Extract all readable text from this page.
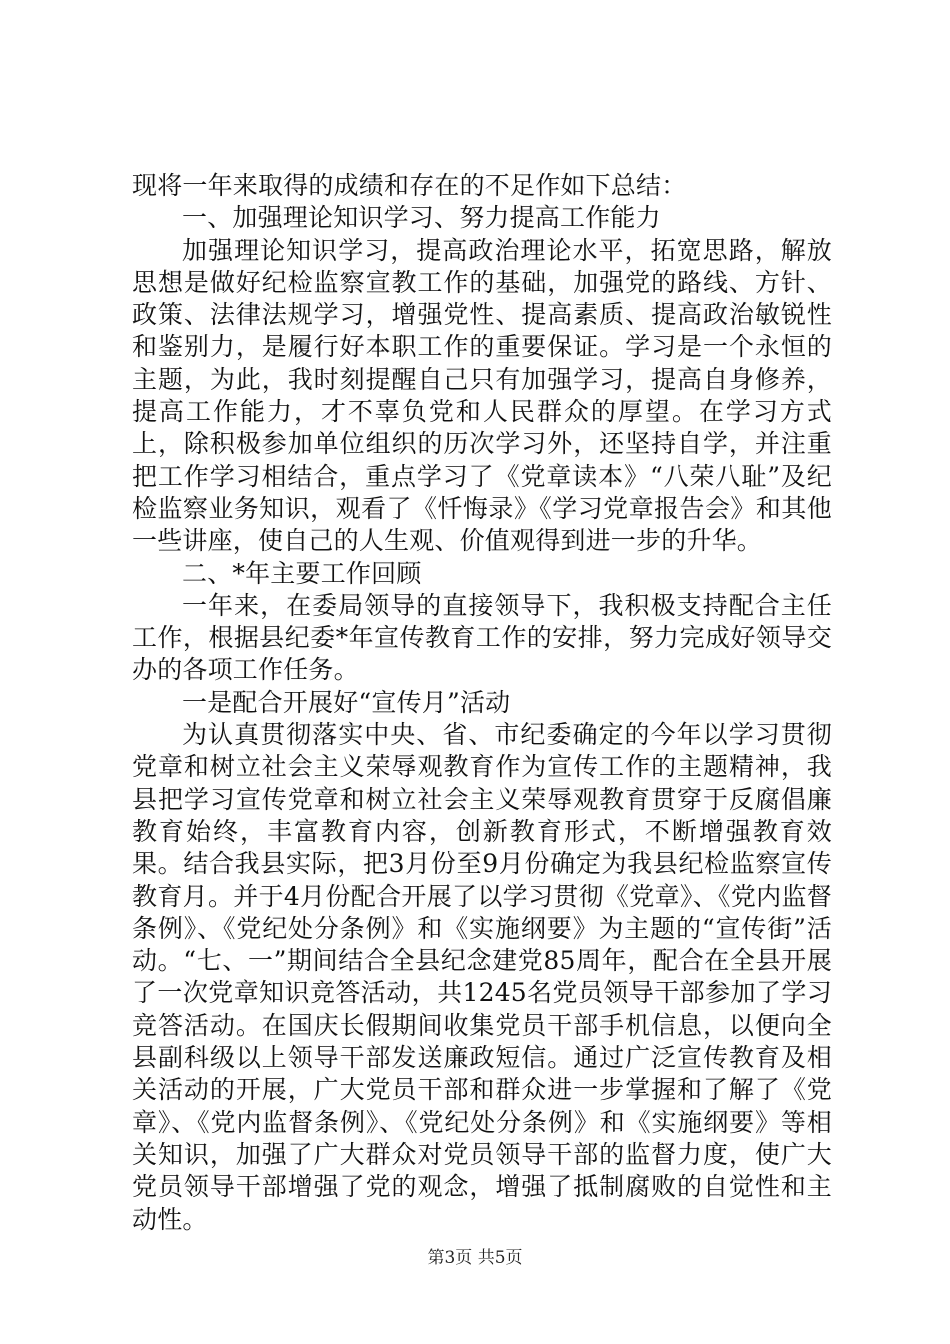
现将一年来取得的成绩和存在的不足作如下总结：

一、加强理论知识学习、努力提高工作能力

加强理论知识学习，提高政治理论水平，拓宽思路，解放思想是做好纪检监察宣教工作的基础，加强党的路线、方针、政策、法律法规学习，增强党性、提高素质、提高政治敏锐性和鉴别力，是履行好本职工作的重要保证。学习是一个永恒的主题，为此，我时刻提醒自己只有加强学习，提高自身修养，提高工作能力，才不辜负党和人民群众的厚望。在学习方式上，除积极参加单位组织的历次学习外，还坚持自学，并注重把工作学习相结合，重点学习了《党章读本》“八荣八耻”及纪检监察业务知识，观看了《忏悔录》《学习党章报告会》和其他一些讲座，使自己的人生观、价值观得到进一步的升华。

二、*年主要工作回顾

一年来，在委局领导的直接领导下，我积极支持配合主任工作，根据县纪委*年宣传教育工作的安排，努力完成好领导交办的各项工作任务。

一是配合开展好“宣传月”活动

为认真贯彻落实中央、省、市纪委确定的今年以学习贯彻党章和树立社会主义荣辱观教育作为宣传工作的主题精神，我县把学习宣传党章和树立社会主义荣辱观教育贯穿于反腐倡廉教育始终，丰富教育内容，创新教育形式，不断增强教育效果。结合我县实际，把3月份至9月份确定为我县纪检监察宣传教育月。并于4月份配合开展了以学习贯彻《党章》、《党内监督条例》、《党纪处分条例》和《实施纲要》为主题的“宣传街”活动。“七、一”期间结合全县纪念建党85周年，配合在全县开展了一次党章知识竞答活动，共1245名党员领导干部参加了学习竞答活动。在国庆长假期间收集党员干部手机信息，以便向全县副科级以上领导干部发送廉政短信。通过广泛宣传教育及相关活动的开展，广大党员干部和群众进一步掌握和了解了《党章》、《党内监督条例》、《党纪处分条例》和《实施纲要》等相关知识，加强了广大群众对党员领导干部的监督力度，使广大党员领导干部增强了党的观念，增强了抵制腐败的自觉性和主动性。

第3页 共5页
